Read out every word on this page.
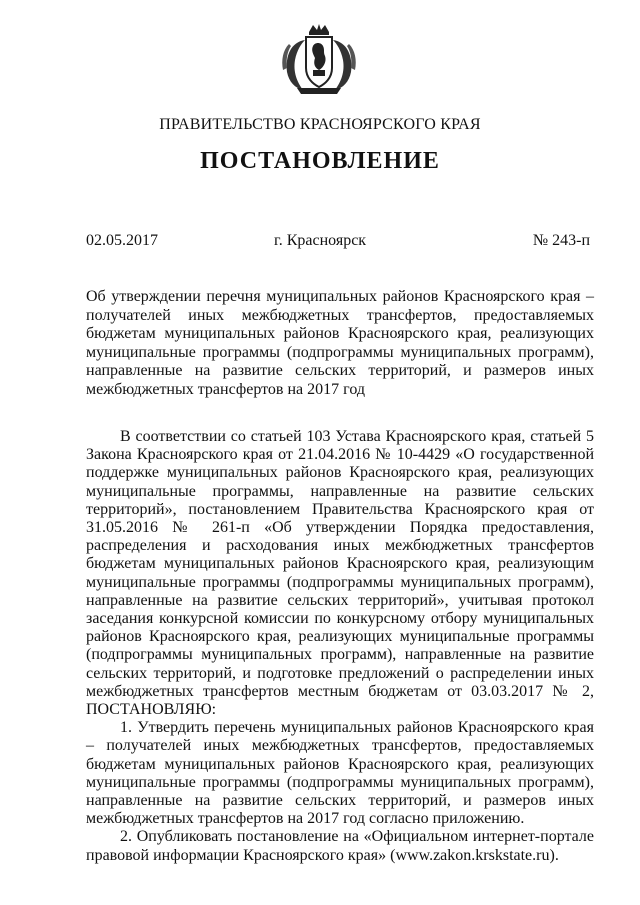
ПРАВИТЕЛЬСТВО КРАСНОЯРСКОГО КРАЯ
ПОСТАНОВЛЕНИЕ
02.05.2017	г. Красноярск	№ 243-п
Об утверждении перечня муниципальных районов Красноярского края – получателей иных межбюджетных трансфертов, предоставляемых бюджетам муниципальных районов Красноярского края, реализующих муниципальные программы (подпрограммы муниципальных программ), направленные на развитие сельских территорий, и размеров иных межбюджетных трансфертов на 2017 год

В соответствии со статьей 103 Устава Красноярского края, статьей 5 Закона Красноярского края от 21.04.2016 № 10-4429 «О государственной поддержке муниципальных районов Красноярского края, реализующих муниципальные программы, направленные на развитие сельских территорий», постановлением Правительства Красноярского края от 31.05.2016 № 261-п «Об утверждении Порядка предоставления, распределения и расходования иных межбюджетных трансфертов бюджетам муниципальных районов Красноярского края, реализующим муниципальные программы (подпрограммы муниципальных программ), направленные на развитие сельских территорий», учитывая протокол заседания конкурсной комиссии по конкурсному отбору муниципальных районов Красноярского края, реализующих муниципальные программы (подпрограммы муниципальных программ), направленные на развитие сельских территорий, и подготовке предложений о распределении иных межбюджетных трансфертов местным бюджетам от 03.03.2017 № 2, ПОСТАНОВЛЯЮ:

1. Утвердить перечень муниципальных районов Красноярского края – получателей иных межбюджетных трансфертов, предоставляемых бюджетам муниципальных районов Красноярского края, реализующих муниципальные программы (подпрограммы муниципальных программ), направленные на развитие сельских территорий, и размеров иных межбюджетных трансфертов на 2017 год согласно приложению.

2. Опубликовать постановление на «Официальном интернет-портале правовой информации Красноярского края» (www.zakon.krskstate.ru).
